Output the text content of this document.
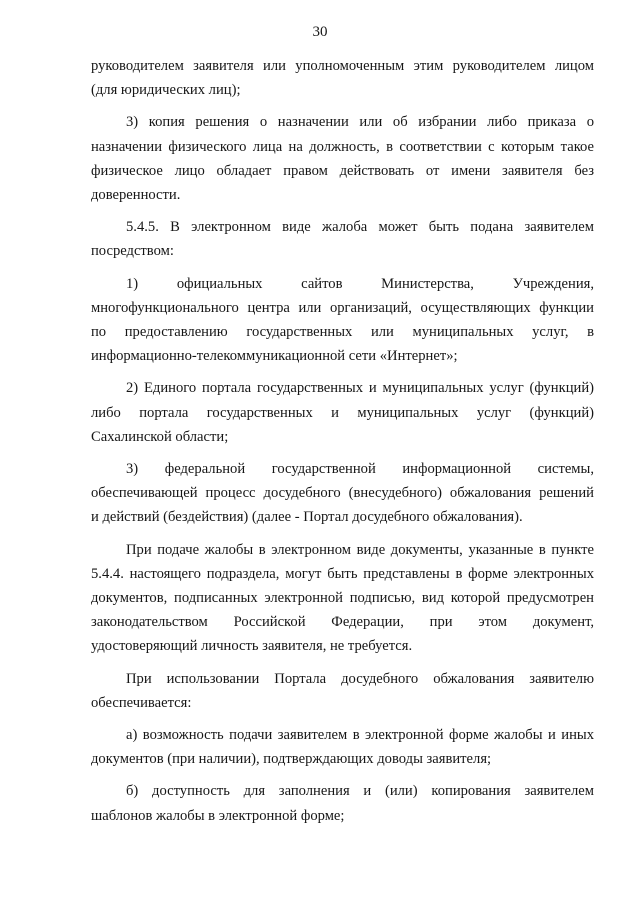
30
руководителем заявителя или уполномоченным этим руководителем лицом
(для юридических лиц);
3) копия решения о назначении или об избрании либо приказа о
назначении физического лица на должность, в соответствии с которым такое
физическое лицо обладает правом действовать от имени заявителя без
доверенности.
5.4.5. В электронном виде жалоба может быть подана заявителем
посредством:
1) официальных сайтов Министерства, Учреждения,
многофункционального центра или организаций, осуществляющих функции
по предоставлению государственных или муниципальных услуг, в
информационно-телекоммуникационной сети «Интернет»;
2) Единого портала государственных и муниципальных услуг (функций)
либо портала государственных и муниципальных услуг (функций)
Сахалинской области;
3) федеральной государственной информационной системы,
обеспечивающей процесс досудебного (внесудебного) обжалования решений
и действий (бездействия) (далее - Портал досудебного обжалования).
При подаче жалобы в электронном виде документы, указанные в пункте
5.4.4. настоящего подраздела, могут быть представлены в форме электронных
документов, подписанных электронной подписью, вид которой предусмотрен
законодательством Российской Федерации, при этом документ,
удостоверяющий личность заявителя, не требуется.
При использовании Портала досудебного обжалования заявителю
обеспечивается:
а) возможность подачи заявителем в электронной форме жалобы и иных
документов (при наличии), подтверждающих доводы заявителя;
б) доступность для заполнения и (или) копирования заявителем
шаблонов жалобы в электронной форме;
